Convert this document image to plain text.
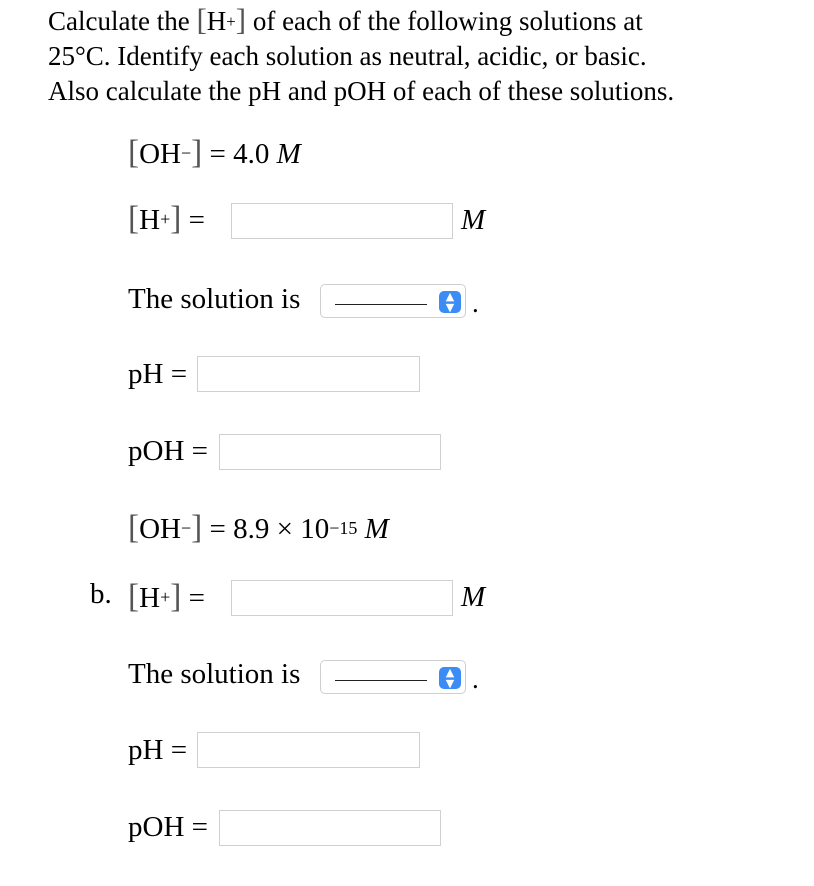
Calculate the [H+] of each of the following solutions at
25°C. Identify each solution as neutral, acidic, or basic.
Also calculate the pH and pOH of each of these solutions.
[OH−] = 4.0 M
[H+] =	M
The solution is	▲
▼ .
pH =
pOH =
$[OH^-] = 8.9 \times 10^{-15}$ M
b. [H+] =	M
The solution is	▲
▼ .
pH =
pOH =
